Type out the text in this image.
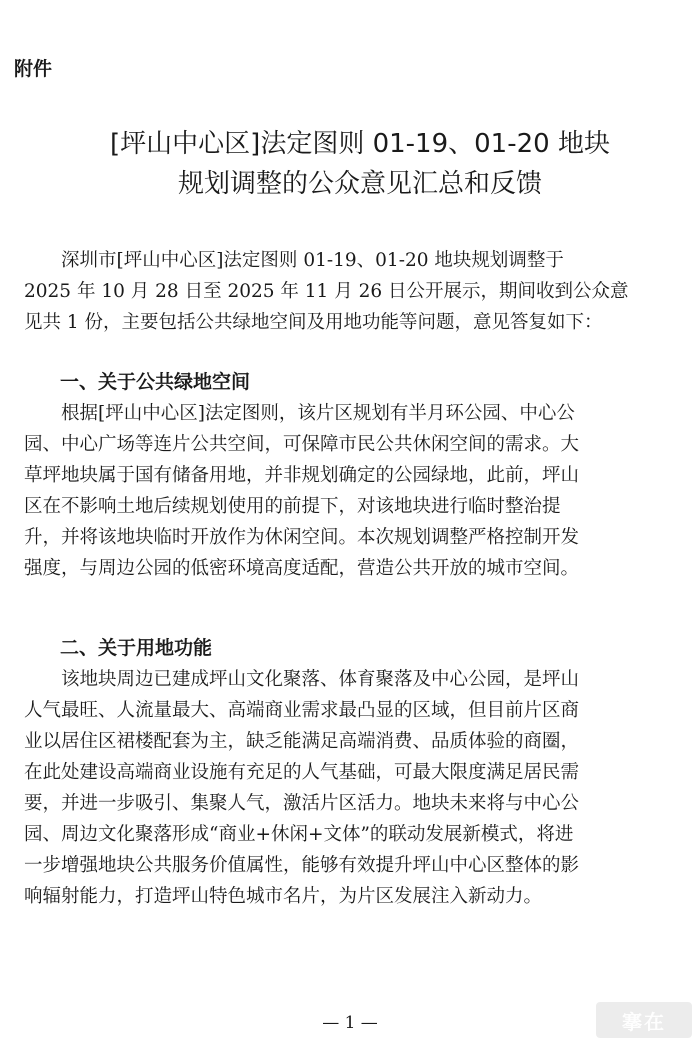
附件

[坪山中心区]法定图则 01-19、01-20 地块
规划调整的公众意见汇总和反馈

深圳市[坪山中心区]法定图则 01-19、01-20 地块规划调整于
2025 年 10 月 28 日至 2025 年 11 月 26 日公开展示，期间收到公众意
见共 1 份，主要包括公共绿地空间及用地功能等问题，意见答复如下：

一、关于公共绿地空间

根据[坪山中心区]法定图则，该片区规划有半月环公园、中心公
园、中心广场等连片公共空间，可保障市民公共休闲空间的需求。大
草坪地块属于国有储备用地，并非规划确定的公园绿地，此前，坪山
区在不影响土地后续规划使用的前提下，对该地块进行临时整治提
升，并将该地块临时开放作为休闲空间。本次规划调整严格控制开发
强度，与周边公园的低密环境高度适配，营造公共开放的城市空间。

二、关于用地功能

该地块周边已建成坪山文化聚落、体育聚落及中心公园，是坪山
人气最旺、人流量最大、高端商业需求最凸显的区域，但目前片区商
业以居住区裙楼配套为主，缺乏能满足高端消费、品质体验的商圈，
在此处建设高端商业设施有充足的人气基础，可最大限度满足居民需
要，并进一步吸引、集聚人气，激活片区活力。地块未来将与中心公
园、周边文化聚落形成“商业+休闲+文体”的联动发展新模式，将进
一步增强地块公共服务价值属性，能够有效提升坪山中心区整体的影
响辐射能力，打造坪山特色城市名片，为片区发展注入新动力。

— 1 —	搴在
